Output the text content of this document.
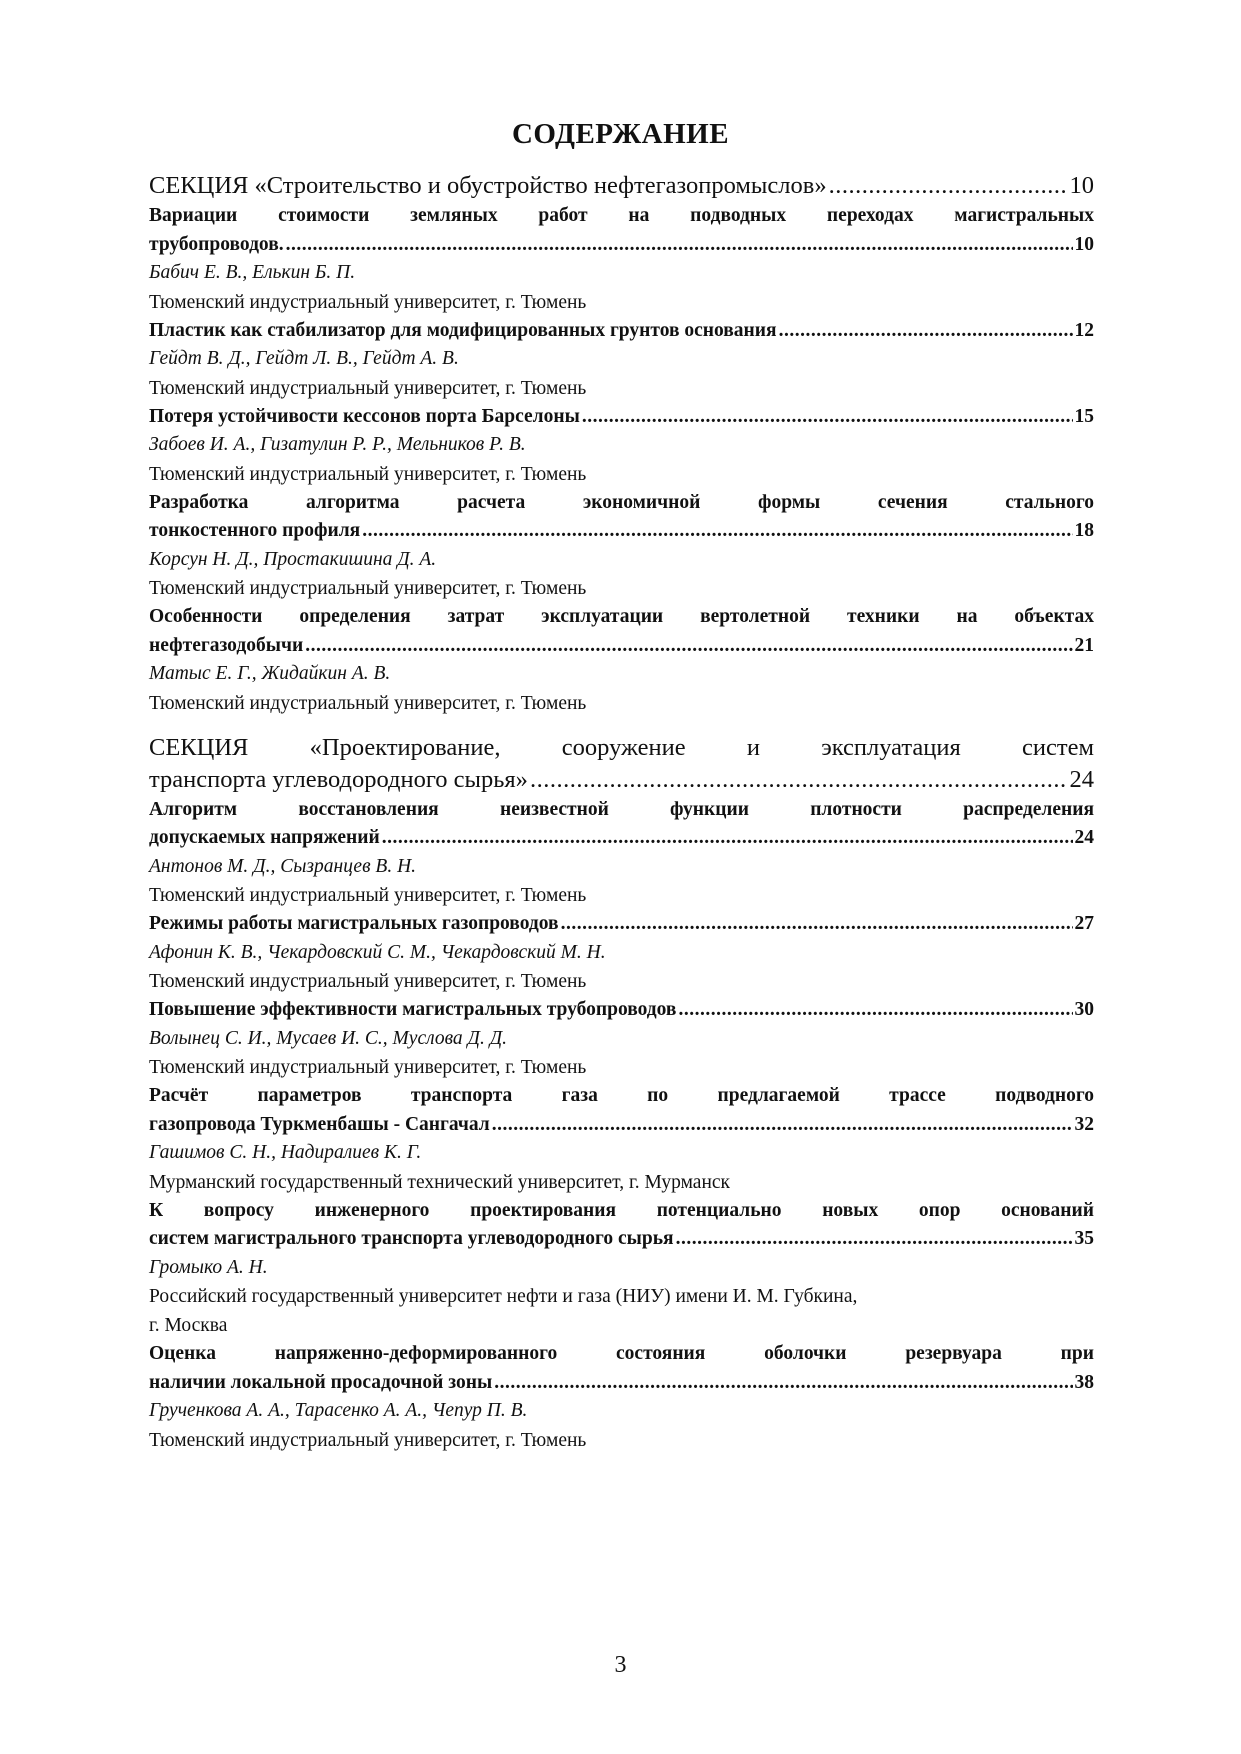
СОДЕРЖАНИЕ
СЕКЦИЯ «Строительство и обустройство нефтегазопромыслов» .....	10
Вариации стоимости земляных работ на подводных переходах магистральных
трубопроводов. .....	10
Бабич Е. В., Елькин Б. П.
Тюменский индустриальный университет, г. Тюмень
Пластик как стабилизатор для модифицированных грунтов основания .....	12
Гейдт В. Д., Гейдт Л. В., Гейдт А. В.
Тюменский индустриальный университет, г. Тюмень
Потеря устойчивости кессонов порта Барселоны .....	15
Забоев И. А., Гизатулин Р. Р., Мельников Р. В.
Тюменский индустриальный университет, г. Тюмень
Разработка алгоритма расчета экономичной формы сечения стального
тонкостенного профиля .....	18
Корсун Н. Д., Простакишина Д. А.
Тюменский индустриальный университет, г. Тюмень
Особенности определения затрат эксплуатации вертолетной техники на объектах
нефтегазодобычи .....	21
Матыс Е. Г., Жидайкин А. В.
Тюменский индустриальный университет, г. Тюмень
СЕКЦИЯ «Проектирование, сооружение и эксплуатация систем
транспорта углеводородного сырья» .....	24
Алгоритм восстановления неизвестной функции плотности распределения
допускаемых напряжений .....	24
Антонов М. Д., Сызранцев В. Н.
Тюменский индустриальный университет, г. Тюмень
Режимы работы магистральных газопроводов .....	27
Афонин К. В., Чекардовский С. М., Чекардовский М. Н.
Тюменский индустриальный университет, г. Тюмень
Повышение эффективности магистральных трубопроводов .....	30
Волынец С. И., Мусаев И. С., Муслова Д. Д.
Тюменский индустриальный университет, г. Тюмень
Расчёт параметров транспорта газа по предлагаемой трассе подводного
газопровода Туркменбашы - Сангачал .....	32
Гашимов С. Н., Надиралиев К. Г.
Мурманский государственный технический университет, г. Мурманск
К вопросу инженерного проектирования потенциально новых опор оснований
систем магистрального транспорта углеводородного сырья .....	35
Громыко А. Н.
Российский государственный университет нефти и газа (НИУ) имени И. М. Губкина,
г. Москва
Оценка напряженно-деформированного состояния оболочки резервуара при
наличии локальной просадочной зоны .....	38
Грученкова А. А., Тарасенко А. А., Чепур П. В.
Тюменский индустриальный университет, г. Тюмень
3
